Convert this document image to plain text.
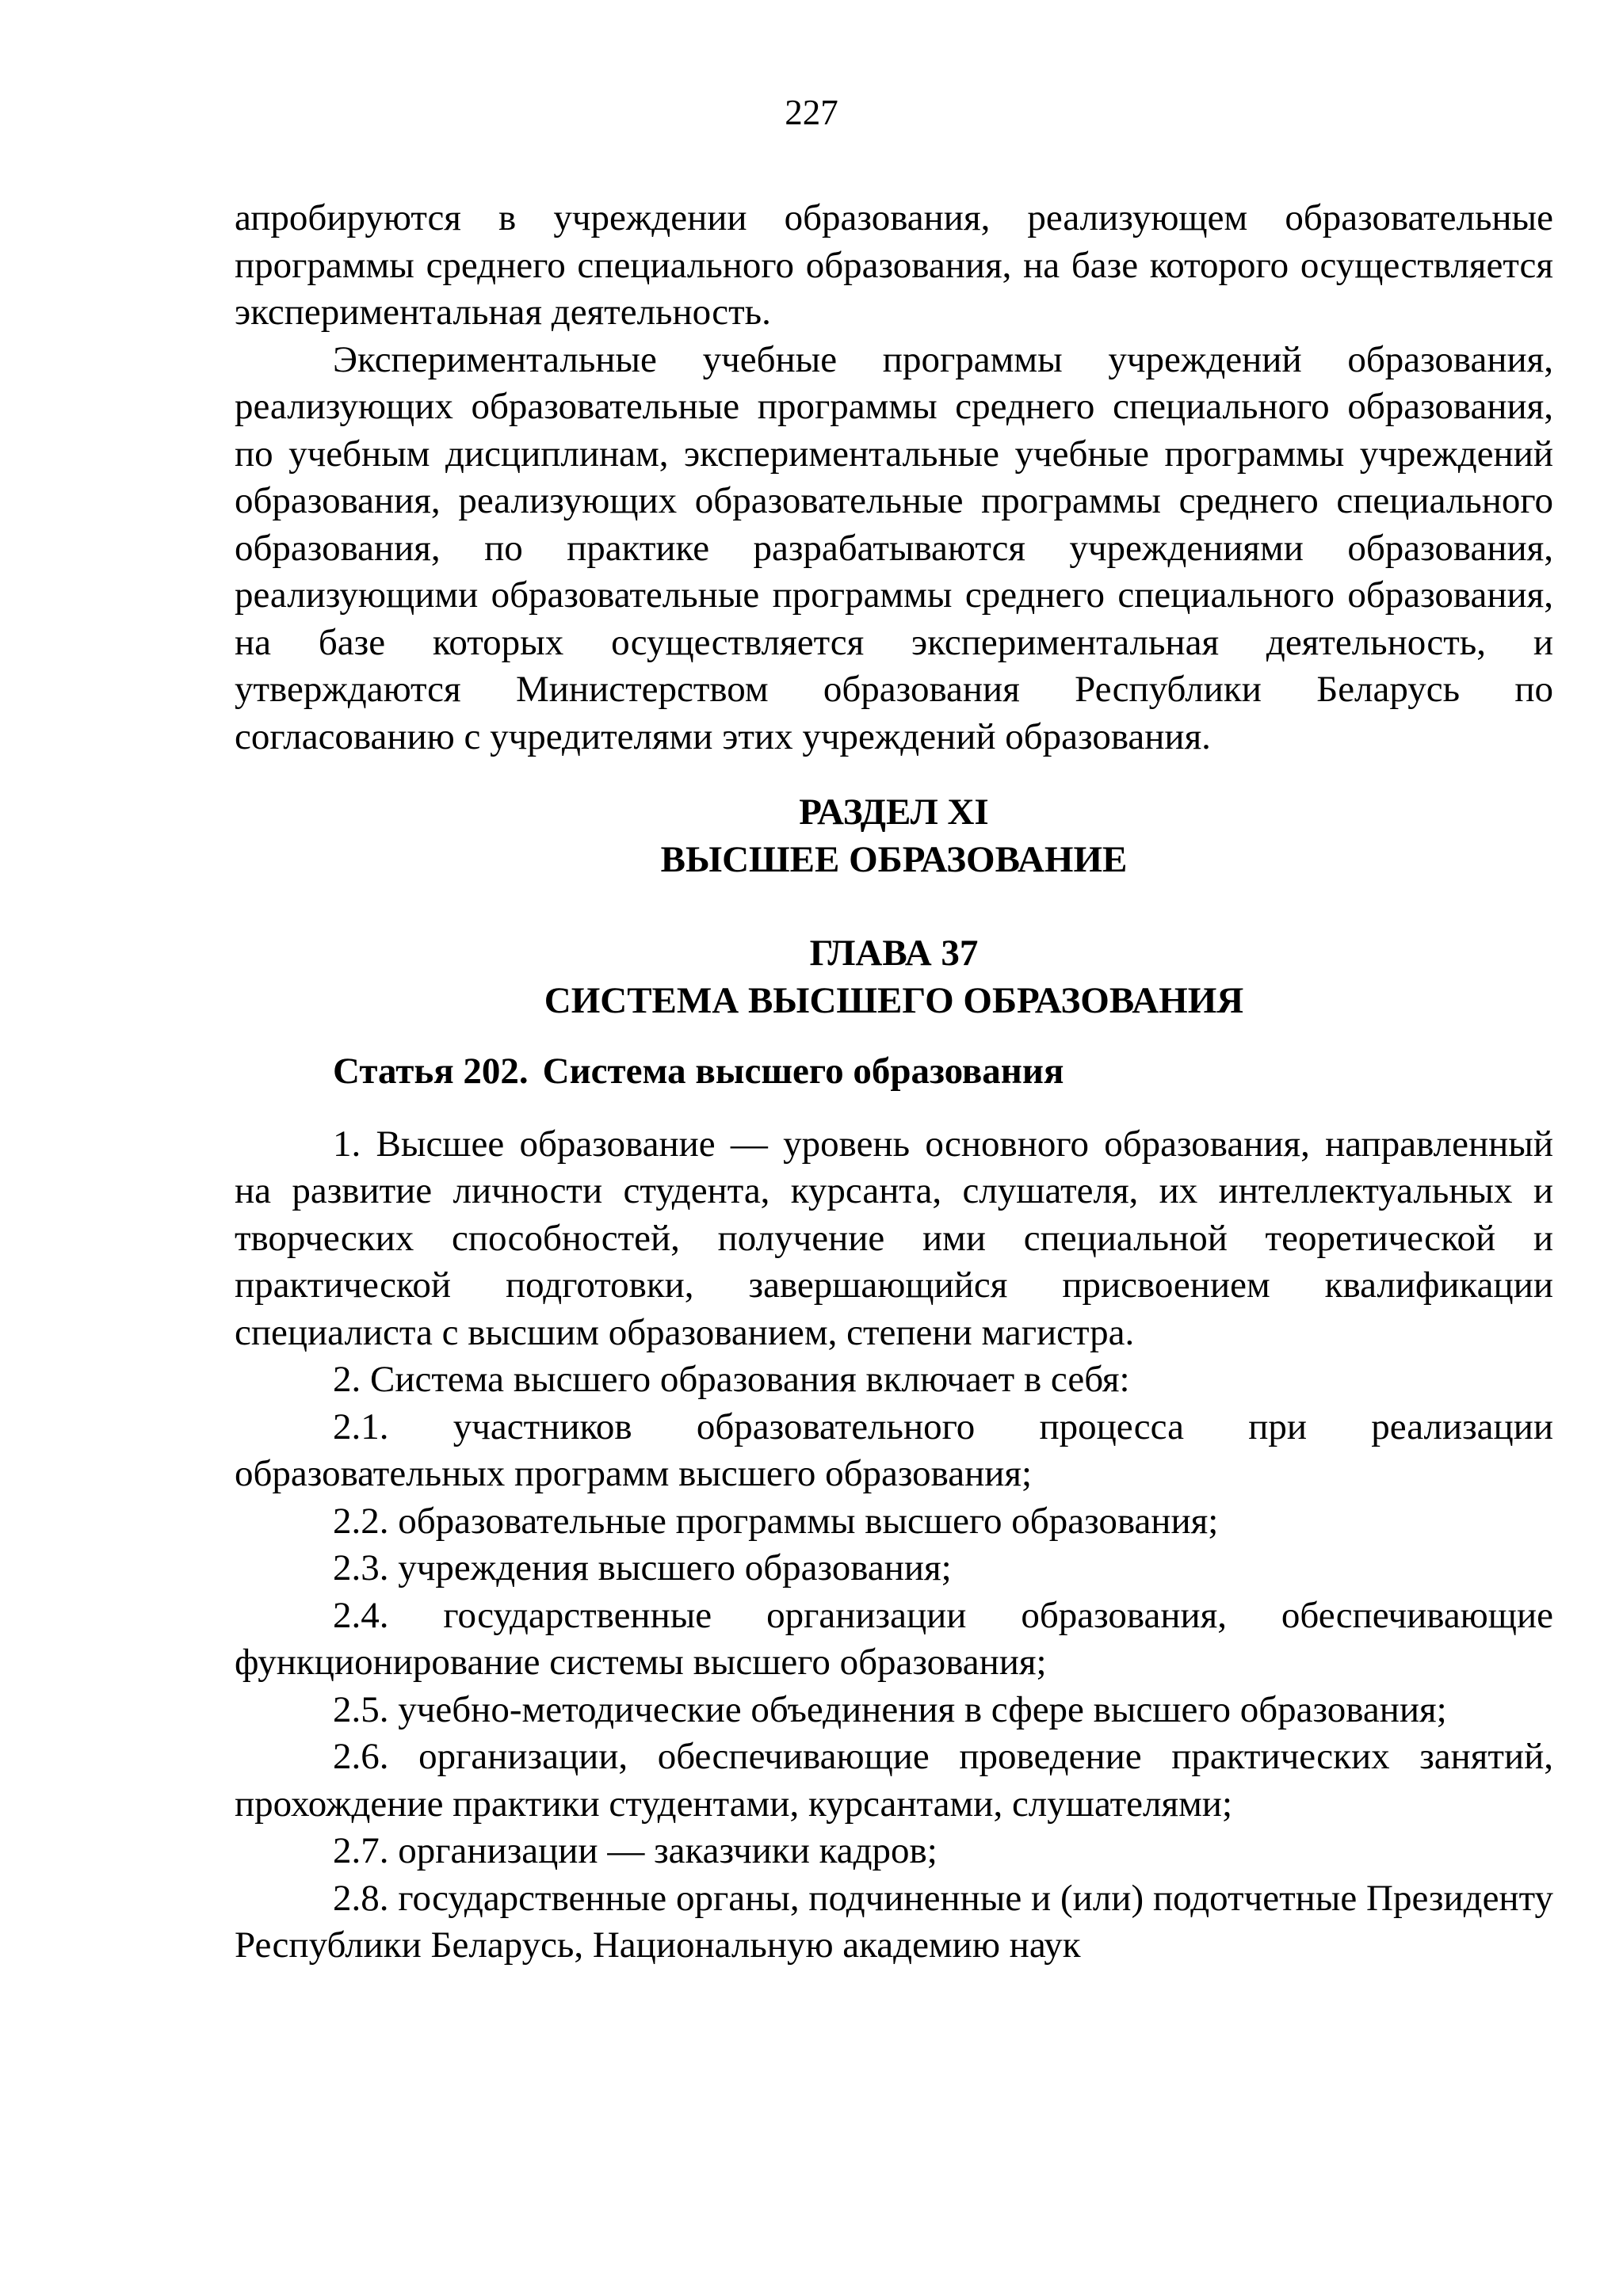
227

апробируются в учреждении образования, реализующем образовательные программы среднего специального образования, на базе которого осуществляется экспериментальная деятельность.

Экспериментальные учебные программы учреждений образования, реализующих образовательные программы среднего специального образования, по учебным дисциплинам, экспериментальные учебные программы учреждений образования, реализующих образовательные программы среднего специального образования, по практике разрабатываются учреждениями образования, реализующими образовательные программы среднего специального образования, на базе которых осуществляется экспериментальная деятельность, и утверждаются Министерством образования Республики Беларусь по согласованию с учредителями этих учреждений образования.

РАЗДЕЛ XI
ВЫСШЕЕ ОБРАЗОВАНИЕ
ГЛАВА 37
СИСТЕМА ВЫСШЕГО ОБРАЗОВАНИЯ

Статья 202. Система высшего образования

1. Высшее образование — уровень основного образования, направленный на развитие личности студента, курсанта, слушателя, их интеллектуальных и творческих способностей, получение ими специальной теоретической и практической подготовки, завершающийся присвоением квалификации специалиста с высшим образованием, степени магистра.

2. Система высшего образования включает в себя:

2.1. участников образовательного процесса при реализации образовательных программ высшего образования;

2.2. образовательные программы высшего образования;

2.3. учреждения высшего образования;

2.4. государственные организации образования, обеспечивающие функционирование системы высшего образования;

2.5. учебно-методические объединения в сфере высшего образования;

2.6. организации, обеспечивающие проведение практических занятий, прохождение практики студентами, курсантами, слушателями;

2.7. организации — заказчики кадров;

2.8. государственные органы, подчиненные и (или) подотчетные Президенту Республики Беларусь, Национальную академию наук
